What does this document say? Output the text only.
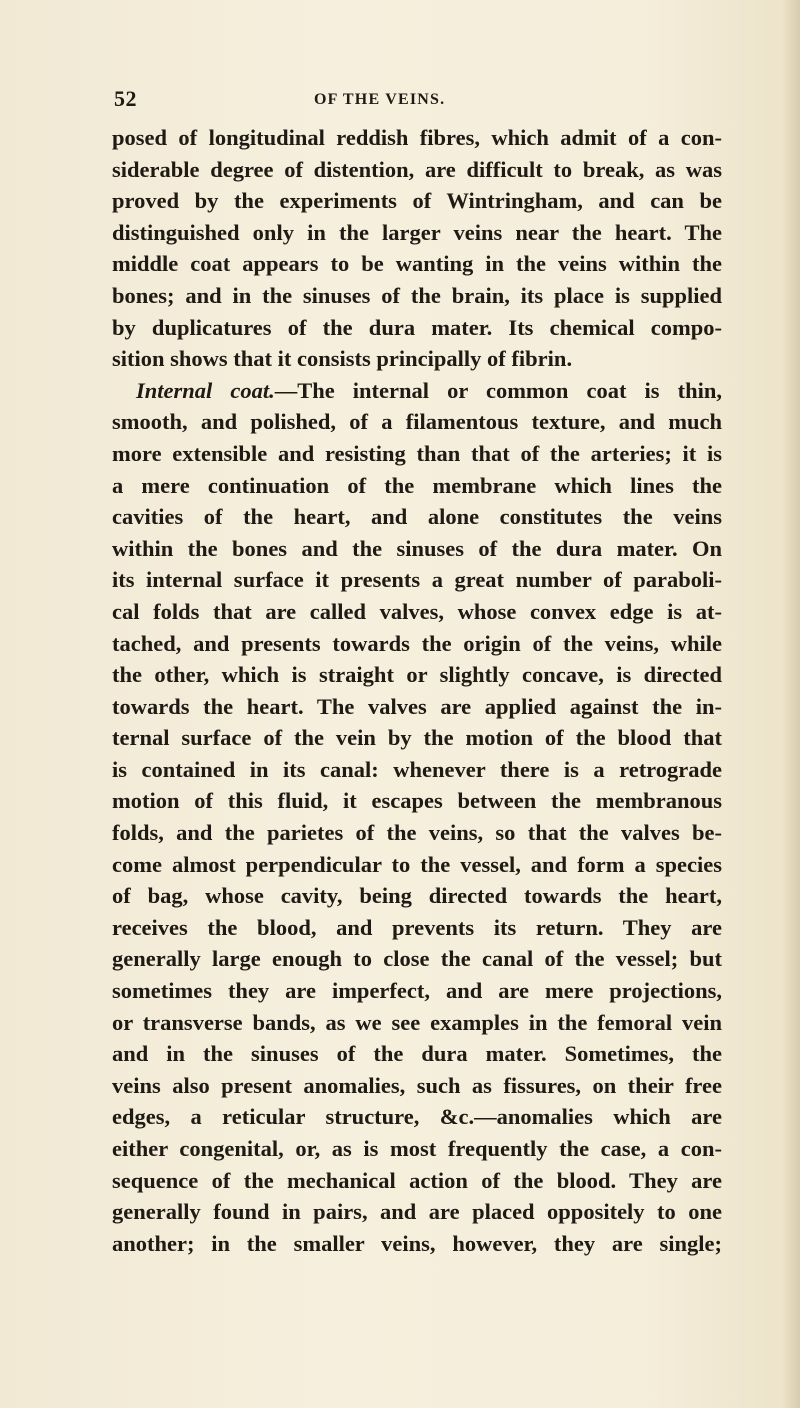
52	OF THE VEINS.
posed of longitudinal reddish fibres, which admit of a con-
siderable degree of distention, are difficult to break, as was
proved by the experiments of Wintringham, and can be
distinguished only in the larger veins near the heart. The
middle coat appears to be wanting in the veins within the
bones; and in the sinuses of the brain, its place is supplied
by duplicatures of the dura mater. Its chemical compo-
sition shows that it consists principally of fibrin.
Internal coat.—The internal or common coat is thin,
smooth, and polished, of a filamentous texture, and much
more extensible and resisting than that of the arteries; it is
a mere continuation of the membrane which lines the
cavities of the heart, and alone constitutes the veins
within the bones and the sinuses of the dura mater. On
its internal surface it presents a great number of paraboli-
cal folds that are called valves, whose convex edge is at-
tached, and presents towards the origin of the veins, while
the other, which is straight or slightly concave, is directed
towards the heart. The valves are applied against the in-
ternal surface of the vein by the motion of the blood that
is contained in its canal: whenever there is a retrograde
motion of this fluid, it escapes between the membranous
folds, and the parietes of the veins, so that the valves be-
come almost perpendicular to the vessel, and form a species
of bag, whose cavity, being directed towards the heart,
receives the blood, and prevents its return. They are
generally large enough to close the canal of the vessel; but
sometimes they are imperfect, and are mere projections,
or transverse bands, as we see examples in the femoral vein
and in the sinuses of the dura mater. Sometimes, the
veins also present anomalies, such as fissures, on their free
edges, a reticular structure, &c.—anomalies which are
either congenital, or, as is most frequently the case, a con-
sequence of the mechanical action of the blood. They are
generally found in pairs, and are placed oppositely to one
another; in the smaller veins, however, they are single;
